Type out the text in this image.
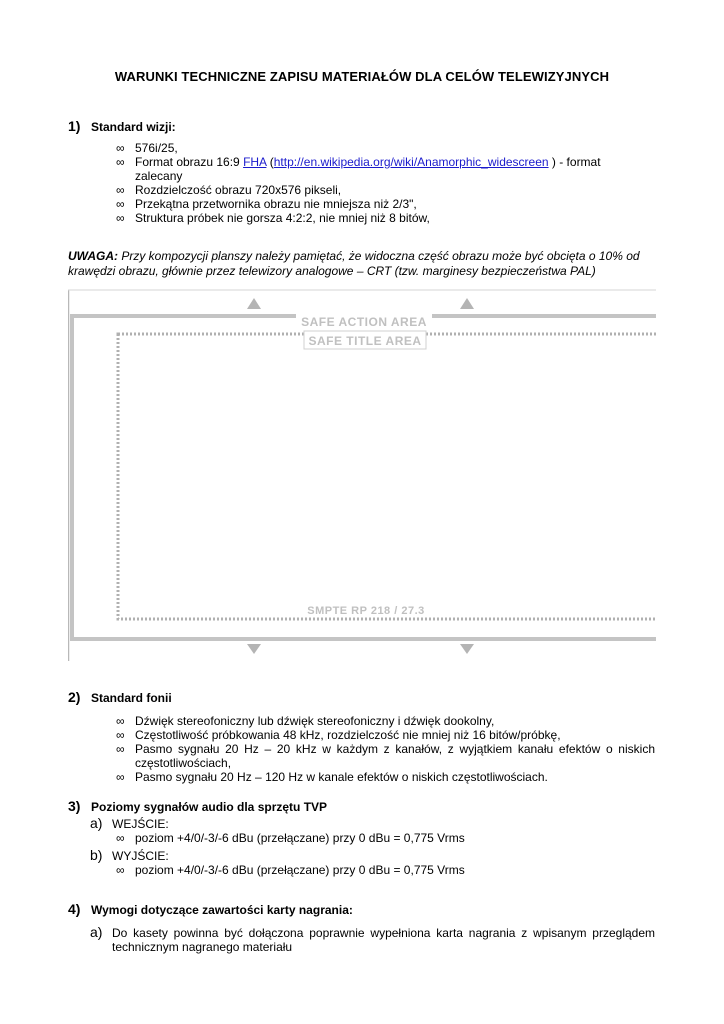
WARUNKI TECHNICZNE ZAPISU MATERIAŁÓW DLA CELÓW TELEWIZYJNYCH
1) Standard wizji:
∞ 576i/25,
∞ Format obrazu 16:9 FHA (http://en.wikipedia.org/wiki/Anamorphic_widescreen ) - format
zalecany
∞ Rozdzielczość obrazu 720x576 pikseli,
∞ Przekątna przetwornika obrazu nie mniejsza niż 2/3",
∞ Struktura próbek nie gorsza 4:2:2, nie mniej niż 8 bitów,
UWAGA: Przy kompozycji planszy należy pamiętać, że widoczna część obrazu może być obcięta o 10% od krawędzi obrazu, głównie przez telewizory analogowe – CRT (tzw. marginesy bezpieczeństwa PAL)
SAFE ACTION AREA
SAFE TITLE AREA
SMPTE RP 218 / 27.3
2) Standard fonii
∞ Dźwięk stereofoniczny lub dźwięk stereofoniczny i dźwięk dookolny,
∞ Częstotliwość próbkowania 48 kHz, rozdzielczość nie mniej niż 16 bitów/próbkę,
∞ Pasmo sygnału 20 Hz – 20 kHz w każdym z kanałów, z wyjątkiem kanału efektów o niskich częstotliwościach,
∞ Pasmo sygnału 20 Hz – 120 Hz w kanale efektów o niskich częstotliwościach.
3) Poziomy sygnałów audio dla sprzętu TVP
a) WEJŚCIE:
∞ poziom +4/0/-3/-6 dBu (przełączane) przy 0 dBu = 0,775 Vrms
b) WYJŚCIE:
∞ poziom +4/0/-3/-6 dBu (przełączane) przy 0 dBu = 0,775 Vrms
4) Wymogi dotyczące zawartości karty nagrania:
a) Do kasety powinna być dołączona poprawnie wypełniona karta nagrania z wpisanym przeglądem technicznym nagranego materiału
